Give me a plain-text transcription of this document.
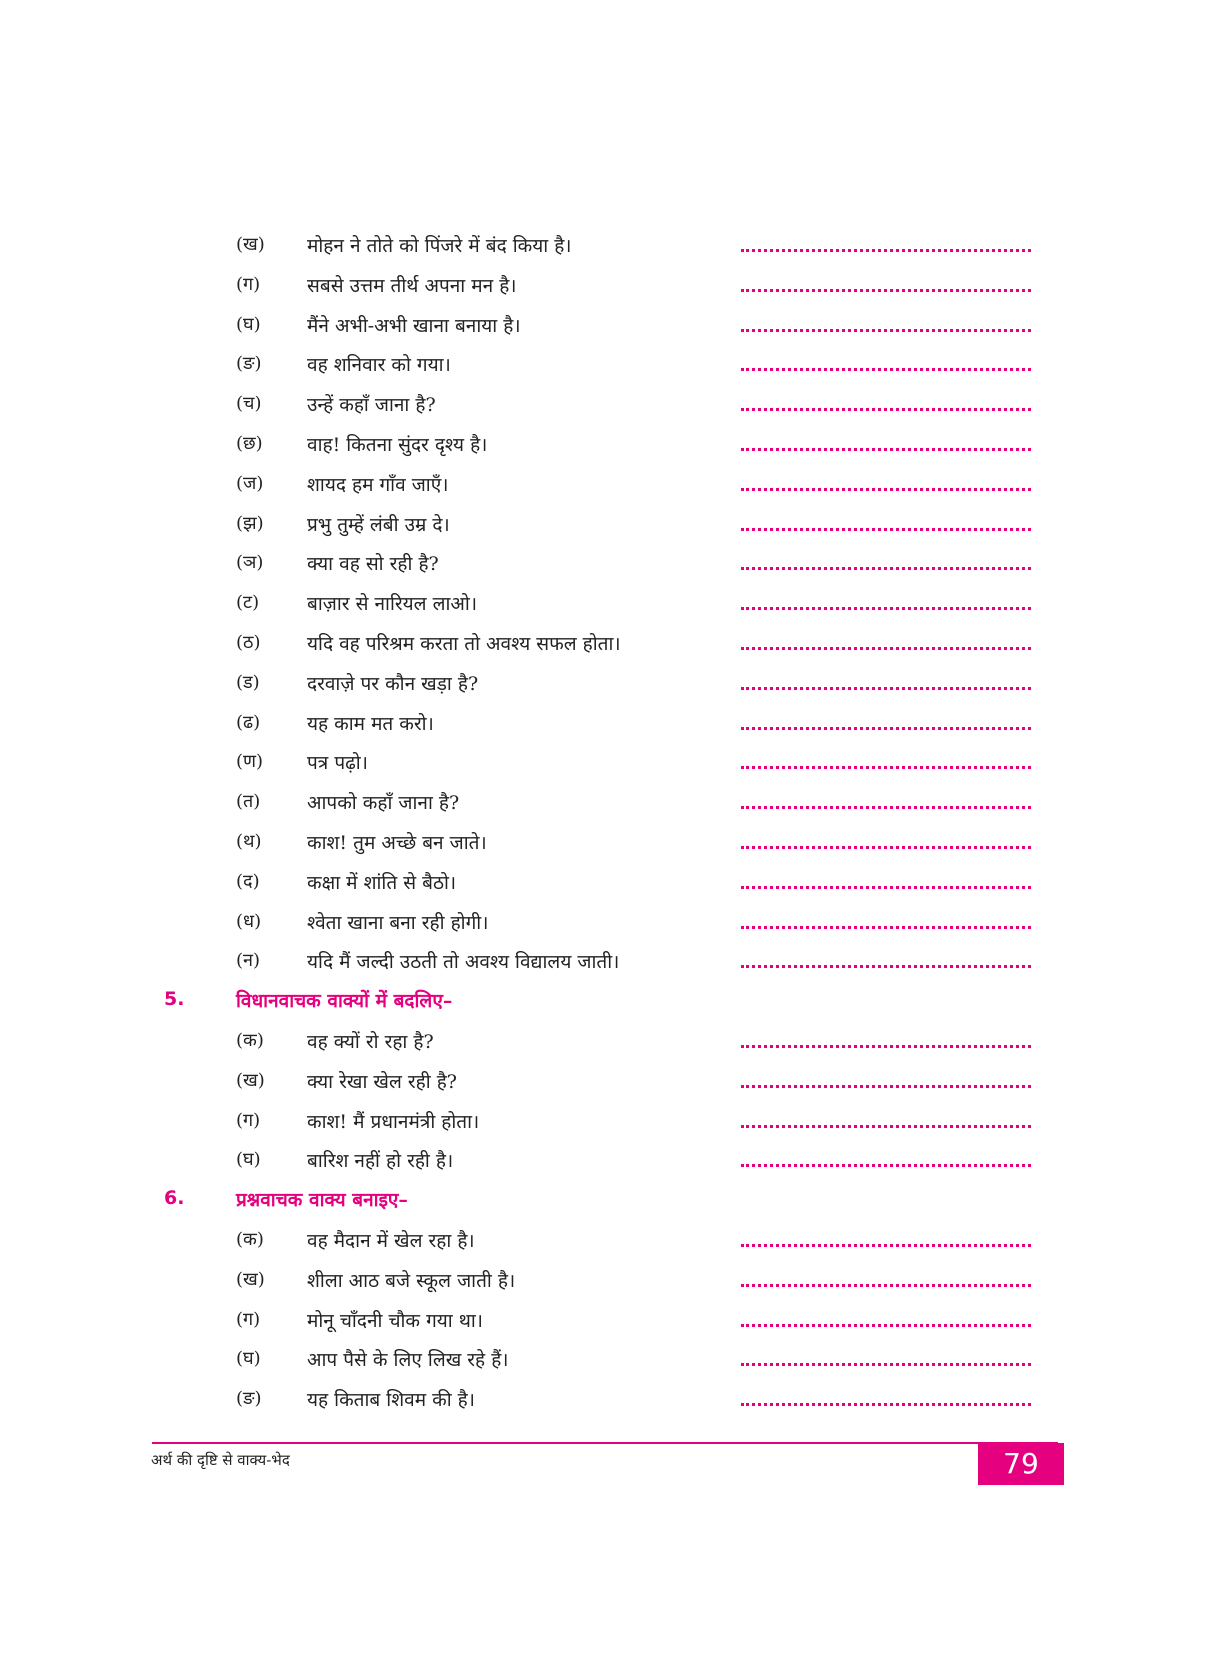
(ख) मोहन ने तोते को पिंजरे में बंद किया है।
(ग) सबसे उत्तम तीर्थ अपना मन है।
(घ) मैंने अभी-अभी खाना बनाया है।
(ङ) वह शनिवार को गया।
(च) उन्हें कहाँ जाना है?
(छ) वाह! कितना सुंदर दृश्य है।
(ज) शायद हम गाँव जाएँ।
(झ) प्रभु तुम्हें लंबी उम्र दे।
(ञ) क्या वह सो रही है?
(ट)	बाज़ार से नारियल लाओ।
(ठ) यदि वह परिश्रम करता तो अवश्य सफल होता।
(ड) दरवाज़े पर कौन खड़ा है?
(ढ) यह काम मत करो।
(ण) पत्र पढ़ो।
(त) आपको कहाँ जाना है?
(थ) काश! तुम अच्छे बन जाते।
(द) कक्षा में शांति से बैठो।
(ध) श्वेता खाना बना रही होगी।
(न) यदि मैं जल्दी उठती तो अवश्य विद्यालय जाती।
5.	विधानवाचक वाक्यों में बदलिए–
(क) वह क्यों रो रहा है?
(ख) क्या रेखा खेल रही है?
(ग) काश! मैं प्रधानमंत्री होता।
(घ) बारिश नहीं हो रही है।
6.	प्रश्नवाचक वाक्य बनाइए–
(क) वह मैदान में खेल रहा है।
(ख) शीला आठ बजे स्कूल जाती है।
(ग) मोनू चाँदनी चौक गया था।
(घ) आप पैसे के लिए लिख रहे हैं।
(ङ) यह किताब शिवम की है।
अर्थ की दृष्टि से वाक्य-भेद	79
